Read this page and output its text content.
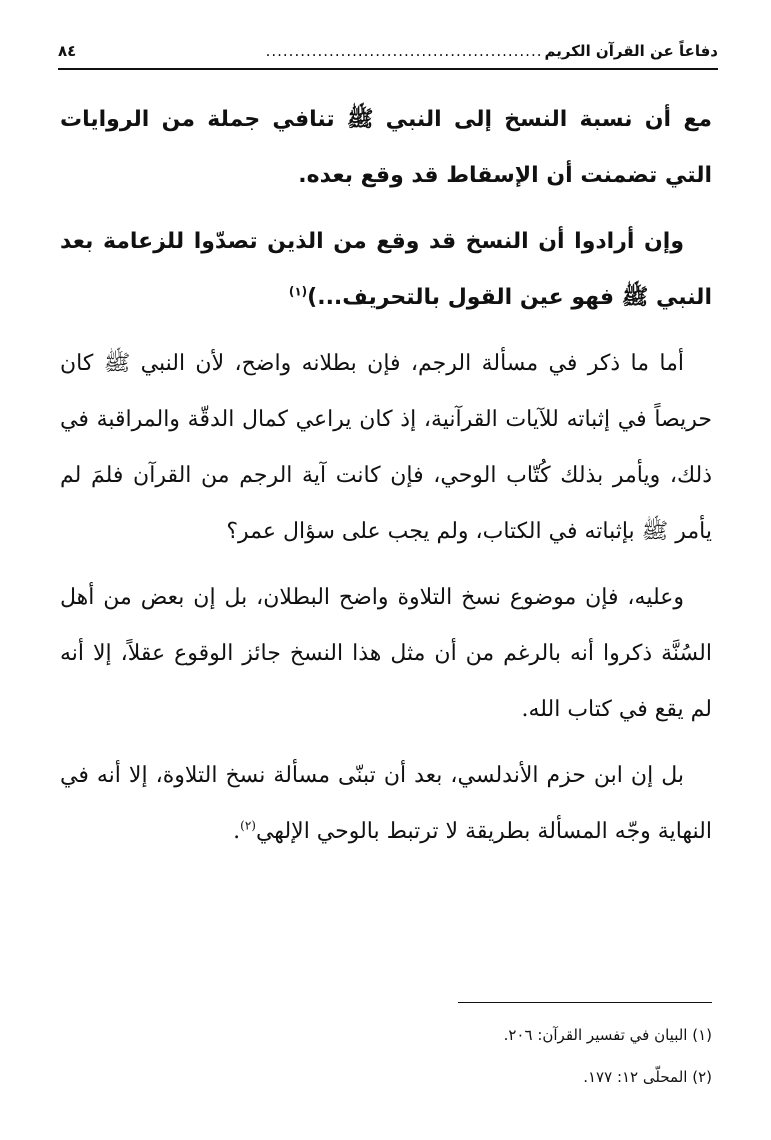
دفاعاً عن القرآن الكريم
................................................
٨٤

مع أن نسبة النسخ إلى النبي ﷺ تنافي جملة من الروايات التي تضمنت أن الإسقاط قد وقع بعده.

وإن أرادوا أن النسخ قد وقع من الذين تصدّوا للزعامة بعد النبي ﷺ فهو عين القول بالتحريف...)$^{(١)}$

أما ما ذكر في مسألة الرجم، فإن بطلانه واضح، لأن النبي ﷺ كان حريصاً في إثباته للآيات القرآنية، إذ كان يراعي كمال الدقّة والمراقبة في ذلك، ويأمر بذلك كُتّاب الوحي، فإن كانت آية الرجم من القرآن فلمَ لم يأمر ﷺ بإثباته في الكتاب، ولم يجب على سؤال عمر؟

وعليه، فإن موضوع نسخ التلاوة واضح البطلان، بل إن بعض من أهل السُنَّة ذكروا أنه بالرغم من أن مثل هذا النسخ جائز الوقوع عقلاً، إلا أنه لم يقع في كتاب الله.

بل إن ابن حزم الأندلسي، بعد أن تبنّى مسألة نسخ التلاوة، إلا أنه في النهاية وجّه المسألة بطريقة لا ترتبط بالوحي الإلهي$^{(٢)}$.

(١) البيان في تفسير القرآن: ٢٠٦.
(٢) المحلّى ١٢: ١٧٧.
